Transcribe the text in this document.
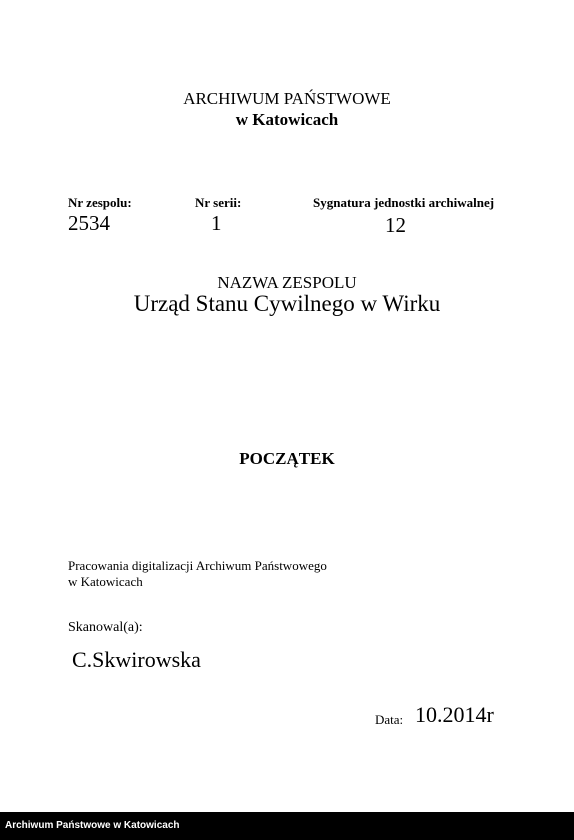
ARCHIWUM PAŃSTWOWE
w Katowicach
Nr zespolu:
2534
Nr serii:
1
Sygnatura jednostki archiwalnej
12
NAZWA ZESPOLU
Urząd Stanu Cywilnego w Wirku
POCZĄTEK
Pracowania digitalizacji Archiwum Państwowego
w Katowicach
Skanowal(a):
C.Skwirowska
Data: 10.2014r
Archiwum Państwowe w Katowicach
